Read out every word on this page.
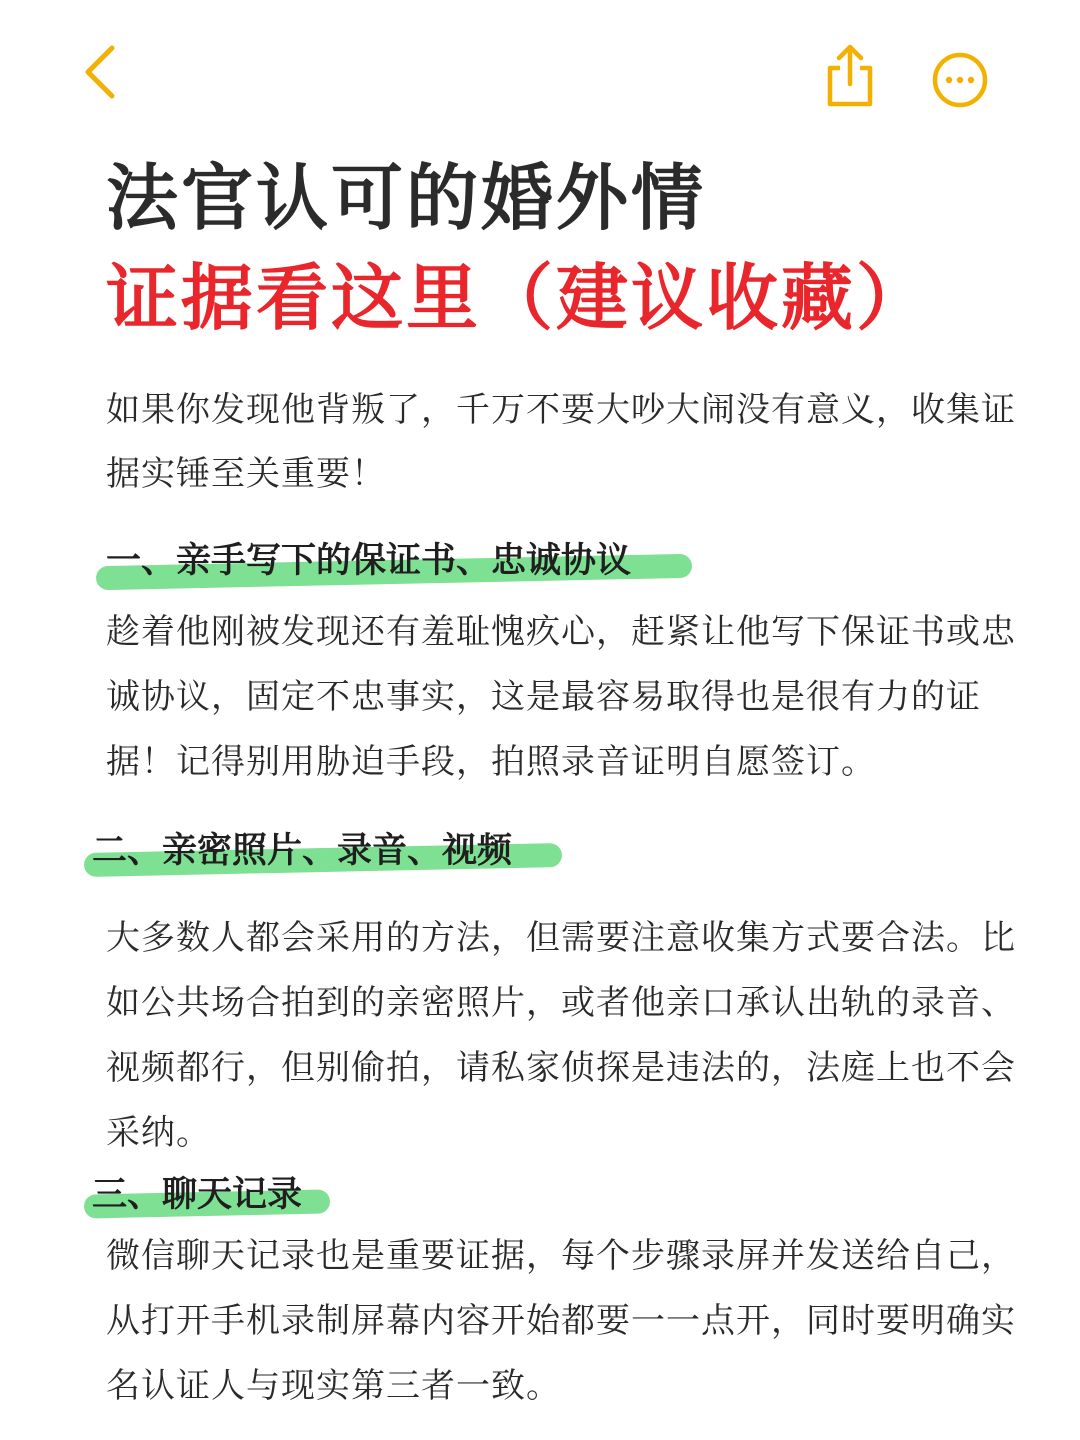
法官认可的婚外情
证据看这里（建议收藏）
如果你发现他背叛了，千万不要大吵大闹没有意义，收集证据实锤至关重要！
一、亲手写下的保证书、忠诚协议
趁着他刚被发现还有羞耻愧疚心，赶紧让他写下保证书或忠诚协议，固定不忠事实，这是最容易取得也是很有力的证据！记得别用胁迫手段，拍照录音证明自愿签订。
二、亲密照片、录音、视频
大多数人都会采用的方法，但需要注意收集方式要合法。比如公共场合拍到的亲密照片，或者他亲口承认出轨的录音、视频都行，但别偷拍，请私家侦探是违法的，法庭上也不会采纳。
三、聊天记录
微信聊天记录也是重要证据，每个步骤录屏并发送给自己，从打开手机录制屏幕内容开始都要一一点开，同时要明确实名认证人与现实第三者一致。
